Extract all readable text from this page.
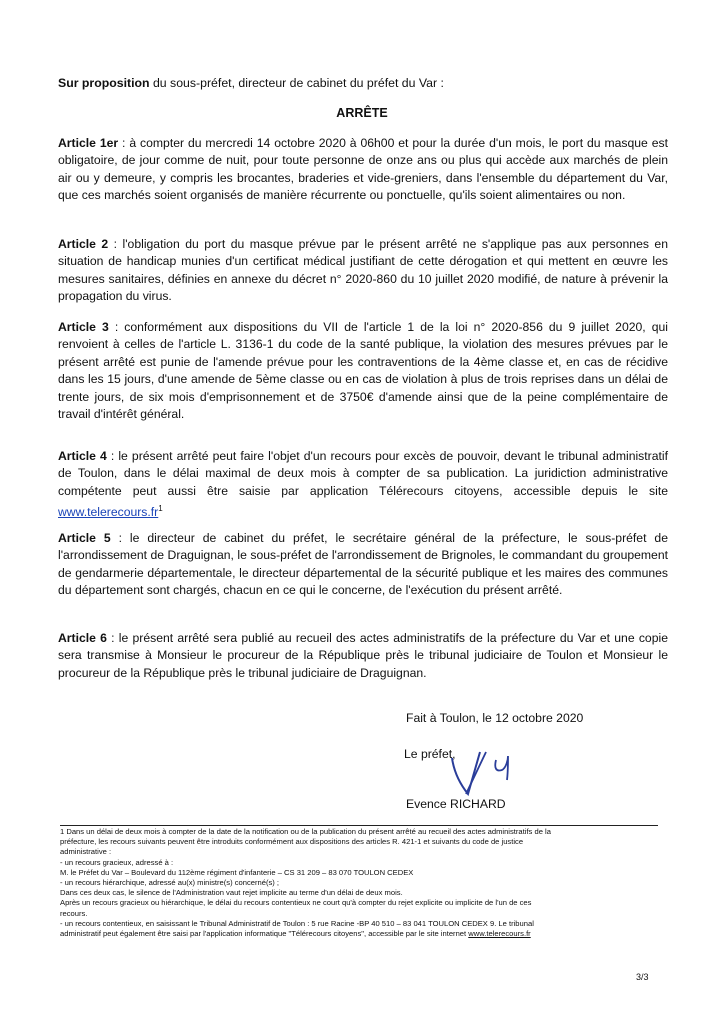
Sur proposition du sous-préfet, directeur de cabinet du préfet du Var :
ARRÊTE
Article 1er : à compter du mercredi 14 octobre 2020 à 06h00 et pour la durée d'un mois, le port du masque est obligatoire, de jour comme de nuit, pour toute personne de onze ans ou plus qui accède aux marchés de plein air ou y demeure, y compris les brocantes, braderies et vide-greniers, dans l'ensemble du département du Var, que ces marchés soient organisés de manière récurrente ou ponctuelle, qu'ils soient alimentaires ou non.
Article 2 : l'obligation du port du masque prévue par le présent arrêté ne s'applique pas aux personnes en situation de handicap munies d'un certificat médical justifiant de cette dérogation et qui mettent en œuvre les mesures sanitaires, définies en annexe du décret n° 2020-860 du 10 juillet 2020 modifié, de nature à prévenir la propagation du virus.
Article 3 : conformément aux dispositions du VII de l'article 1 de la loi n° 2020-856 du 9 juillet 2020, qui renvoient à celles de l'article L. 3136-1 du code de la santé publique, la violation des mesures prévues par le présent arrêté est punie de l'amende prévue pour les contraventions de la 4ème classe et, en cas de récidive dans les 15 jours, d'une amende de 5ème classe ou en cas de violation à plus de trois reprises dans un délai de trente jours, de six mois d'emprisonnement et de 3750€ d'amende ainsi que de la peine complémentaire de travail d'intérêt général.
Article 4 : le présent arrêté peut faire l'objet d'un recours pour excès de pouvoir, devant le tribunal administratif de Toulon, dans le délai maximal de deux mois à compter de sa publication. La juridiction administrative compétente peut aussi être saisie par application Télérecours citoyens, accessible depuis le site $www.telerecours.fr^1$
Article 5 : le directeur de cabinet du préfet, le secrétaire général de la préfecture, le sous-préfet de l'arrondissement de Draguignan, le sous-préfet de l'arrondissement de Brignoles, le commandant du groupement de gendarmerie départementale, le directeur départemental de la sécurité publique et les maires des communes du département sont chargés, chacun en ce qui le concerne, de l'exécution du présent arrêté.
Article 6 : le présent arrêté sera publié au recueil des actes administratifs de la préfecture du Var et une copie sera transmise à Monsieur le procureur de la République près le tribunal judiciaire de Toulon et Monsieur le procureur de la République près le tribunal judiciaire de Draguignan.
Fait à Toulon, le 12 octobre 2020
Le préfet,
Evence RICHARD
1 Dans un délai de deux mois à compter de la date de la notification ou de la publication du présent arrêté au recueil des actes administratifs de la
préfecture, les recours suivants peuvent être introduits conformément aux dispositions des articles R. 421-1 et suivants du code de justice
administrative :
- un recours gracieux, adressé à :
M. le Préfet du Var – Boulevard du 112ème régiment d'infanterie – CS 31 209 – 83 070 TOULON CEDEX
- un recours hiérarchique, adressé au(x) ministre(s) concerné(s) ;
Dans ces deux cas, le silence de l'Administration vaut rejet implicite au terme d'un délai de deux mois.
Après un recours gracieux ou hiérarchique, le délai du recours contentieux ne court qu'à compter du rejet explicite ou implicite de l'un de ces
recours.
- un recours contentieux, en saisissant le Tribunal Administratif de Toulon : 5 rue Racine -BP 40 510 – 83 041 TOULON CEDEX 9. Le tribunal
administratif peut également être saisi par l'application informatique "Télérecours citoyens", accessible par le site internet www.telerecours.fr
3/3
